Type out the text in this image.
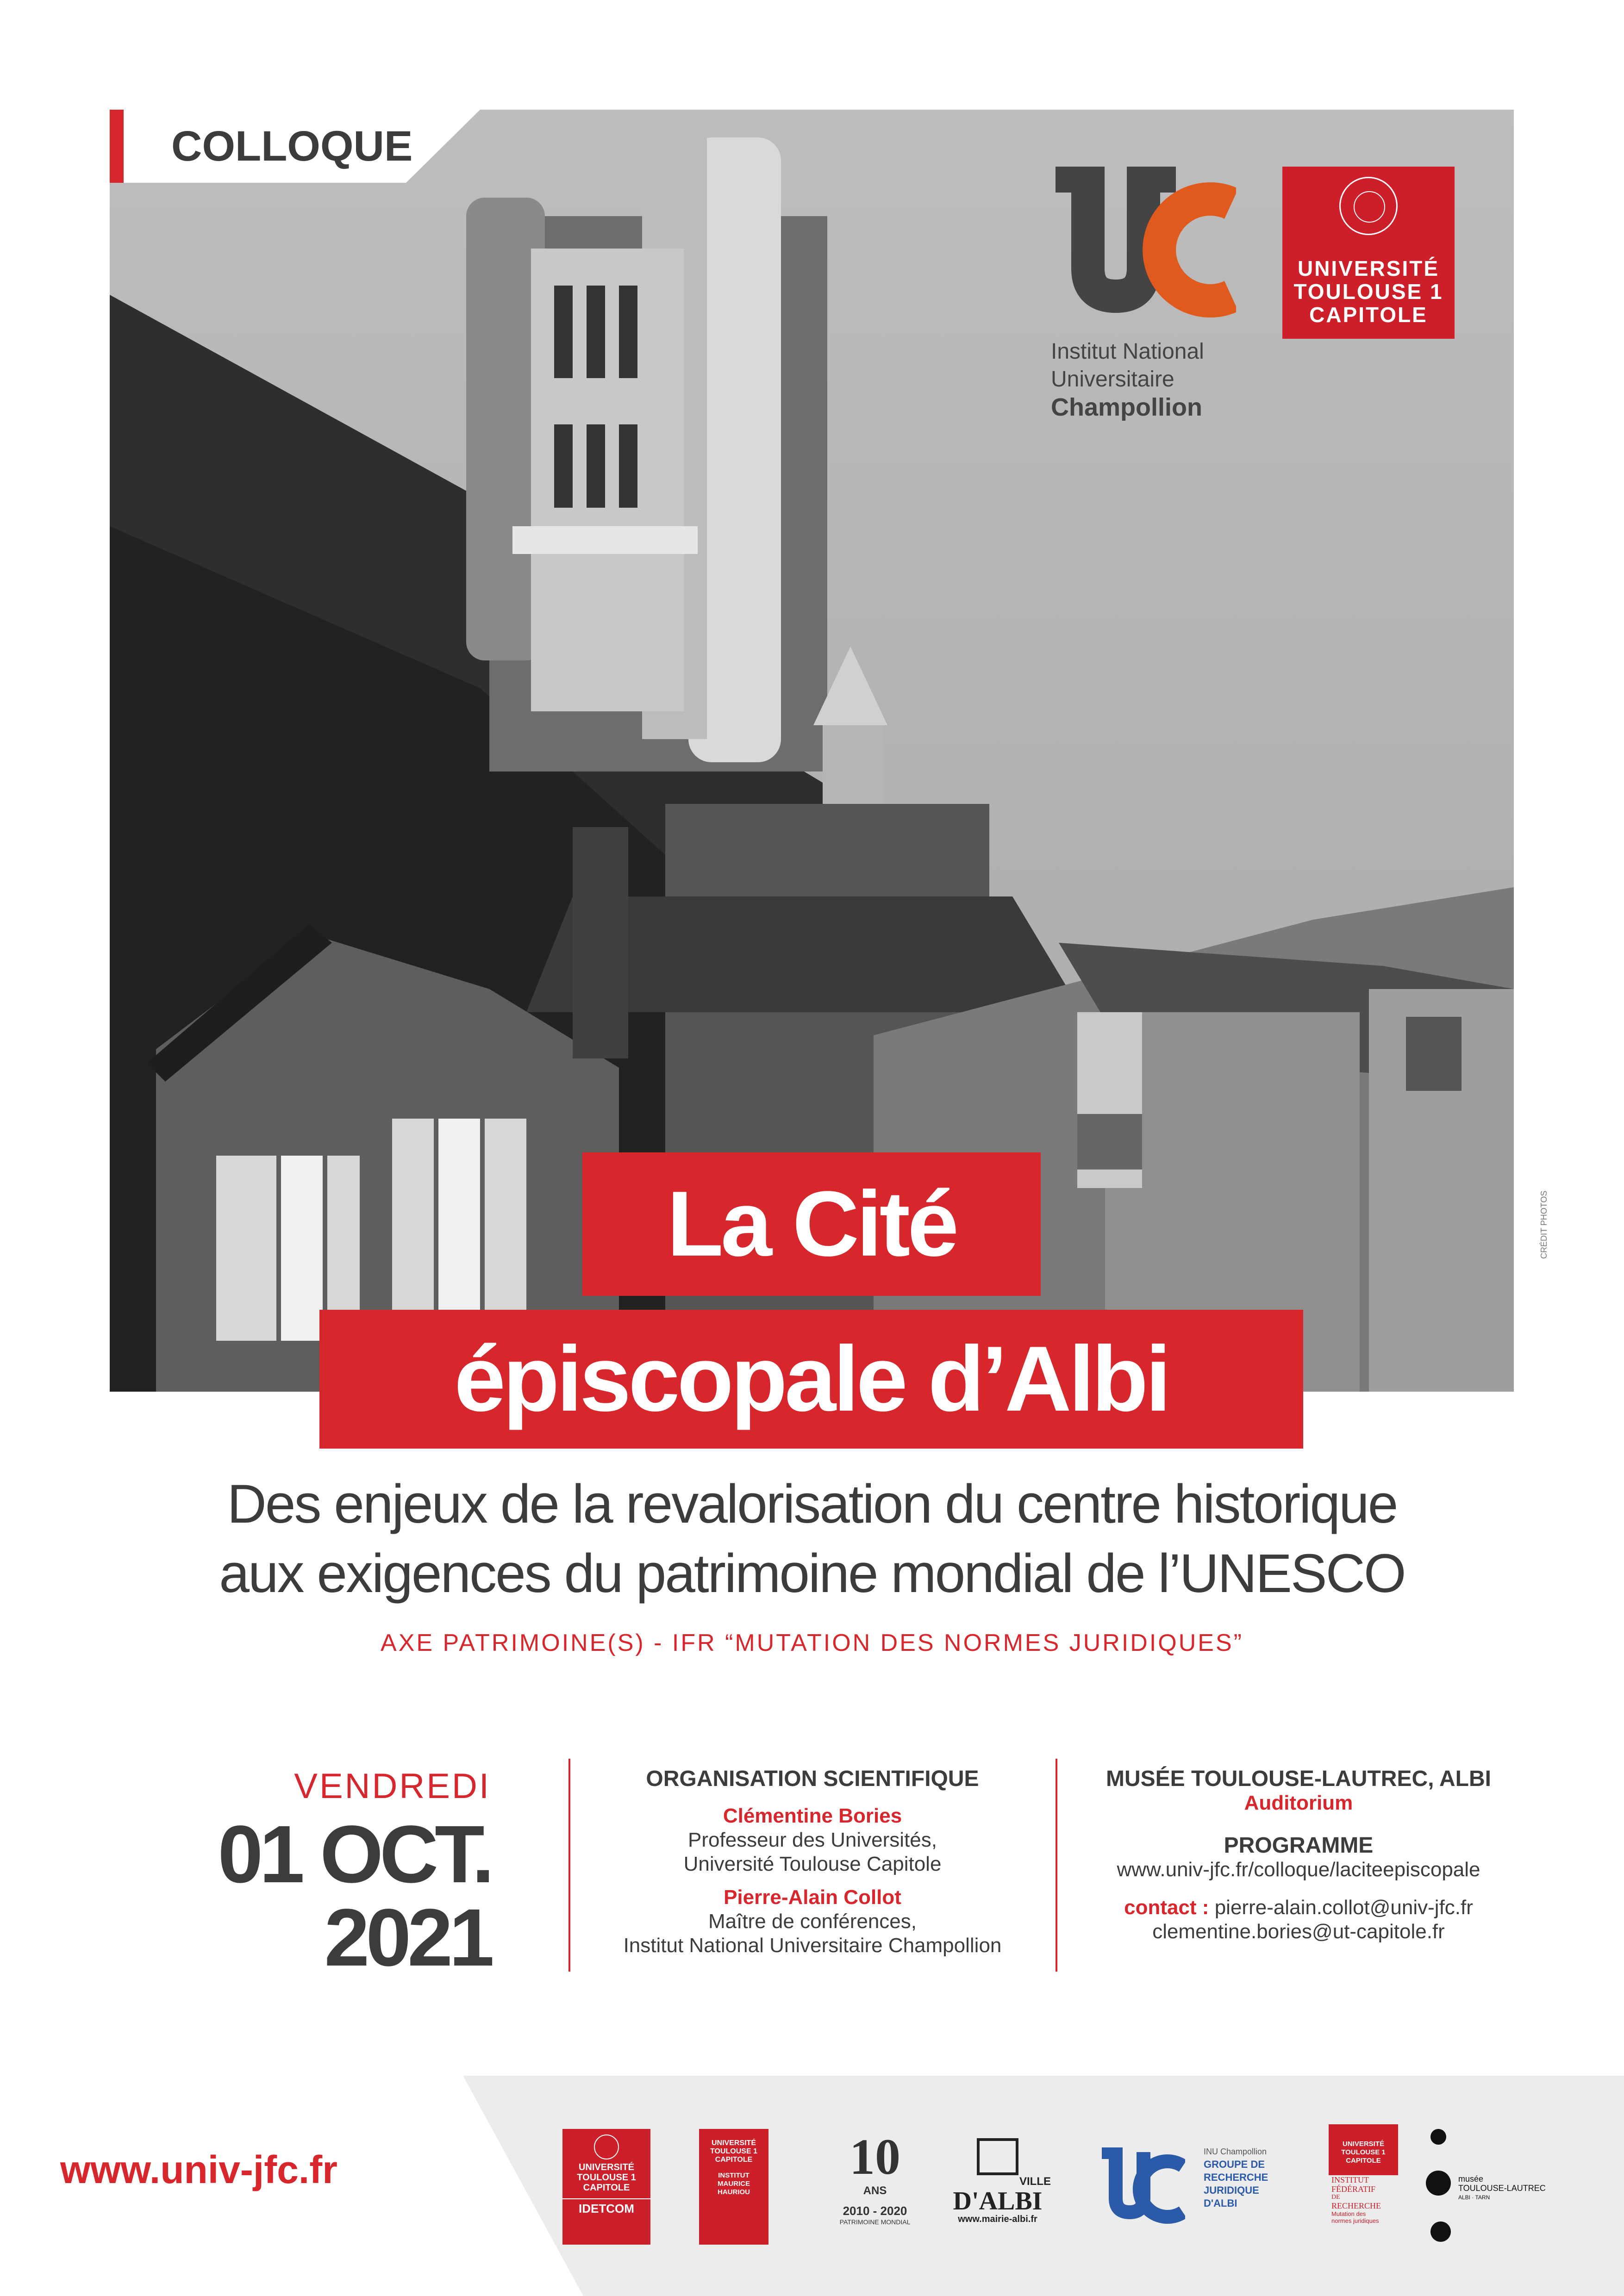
COLLOQUE
Institut National
Universitaire
Champollion
UNIVERSITÉ
TOULOUSE 1
CAPITOLE
CRÉDIT PHOTOS
La Cité
épiscopale d’Albi
Des enjeux de la revalorisation du centre historique
aux exigences du patrimoine mondial de l’UNESCO
AXE PATRIMOINE(S) - IFR “MUTATION DES NORMES JURIDIQUES”
VENDREDI
01 OCT.
2021
ORGANISATION SCIENTIFIQUE
Clémentine Bories
Professeur des Universités,
Université Toulouse Capitole
Pierre-Alain Collot
Maître de conférences,
Institut National Universitaire Champollion
MUSÉE TOULOUSE-LAUTREC, ALBI
Auditorium
PROGRAMME
www.univ-jfc.fr/colloque/laciteepiscopale
contact : pierre-alain.collot@univ-jfc.fr
clementine.bories@ut-capitole.fr
www.univ-jfc.fr	UNIVERSITÉ
TOULOUSE 1
CAPITOLE
IDETCOM
UNIVERSITÉ
TOULOUSE 1
CAPITOLE
INSTITUT
MAURICE
HAURIOU
10
ANS
2010 - 2020
PATRIMOINE MONDIAL
VILLE
D'ALBI
www.mairie-albi.fr
INU Champollion
GROUPE DE
RECHERCHE
JURIDIQUE
D'ALBI
UNIVERSITÉ
TOULOUSE 1
CAPITOLE
INSTITUT
FÉDÉRATIF
DE
RECHERCHE
Mutation des
normes juridiques
musée
TOULOUSE-LAUTREC
ALBI · TARN
